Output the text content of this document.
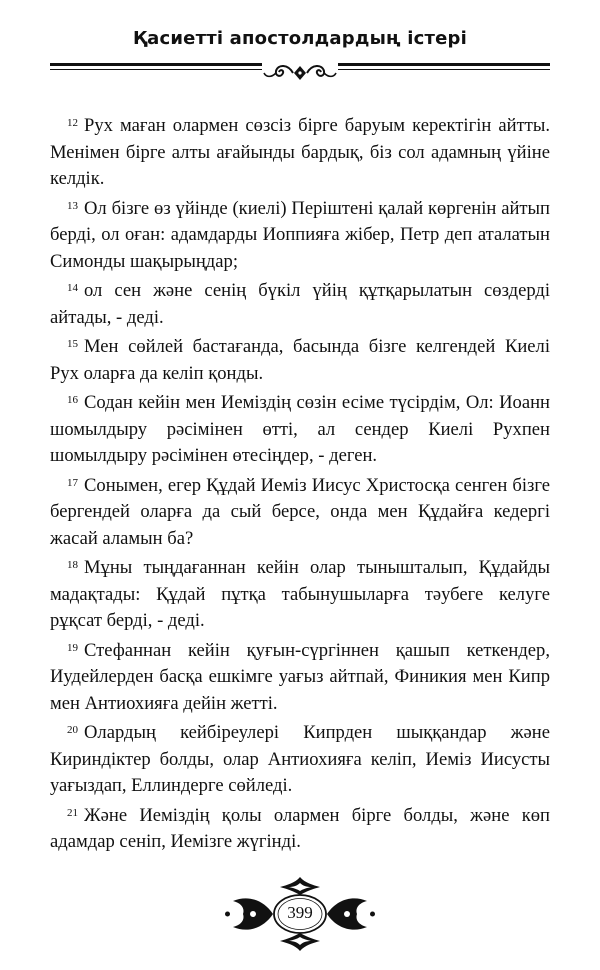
Қасиетті апостолдардың істері

$^{12}$ Рух маған олармен сөзсіз бірге баруым керектігін айтты. Менімен бірге алты ағайынды бардық, біз сол адамның үйіне келдік.

$^{13}$ Ол бізге өз үйінде (киелі) Періштені қалай көргенін айтып берді, ол оған: адамдарды Иоппияға жібер, Петр деп аталатын Симонды шақырыңдар;

$^{14}$ ол сен және сенің бүкіл үйің құтқарылатын сөздерді айтады, - деді.

$^{15}$ Мен сөйлей бастағанда, басында бізге келгендей Киелі Рух оларға да келіп қонды.

$^{16}$ Содан кейін мен Иеміздің сөзін есіме түсірдім, Ол: Иоанн шомылдыру рәсімінен өтті, ал сендер Киелі Рухпен шомылдыру рәсімінен өтесіңдер, - деген.

$^{17}$ Сонымен, егер Құдай Иеміз Иисус Христосқа сенген бізге бергендей оларға да сый берсе, онда мен Құдайға кедергі жасай аламын ба?

$^{18}$ Мұны тыңдағаннан кейін олар тынышталып, Құдайды мадақтады: Құдай пұтқа табынушыларға тәубеге келуге рұқсат берді, - деді.

$^{19}$ Стефаннан кейін қуғын-сүргіннен қашып кеткендер, Иудейлерден басқа ешкімге уағыз айтпай, Финикия мен Кипр мен Антиохияға дейін жетті.

$^{20}$ Олардың кейбіреулері Кипрден шыққандар және Кириндіктер болды, олар Антиохияға келіп, Иеміз Иисусты уағыздап, Еллиндерге сөйледі.

$^{21}$ Және Иеміздің қолы олармен бірге болды, және көп адамдар сеніп, Иемізге жүгінді.

399
